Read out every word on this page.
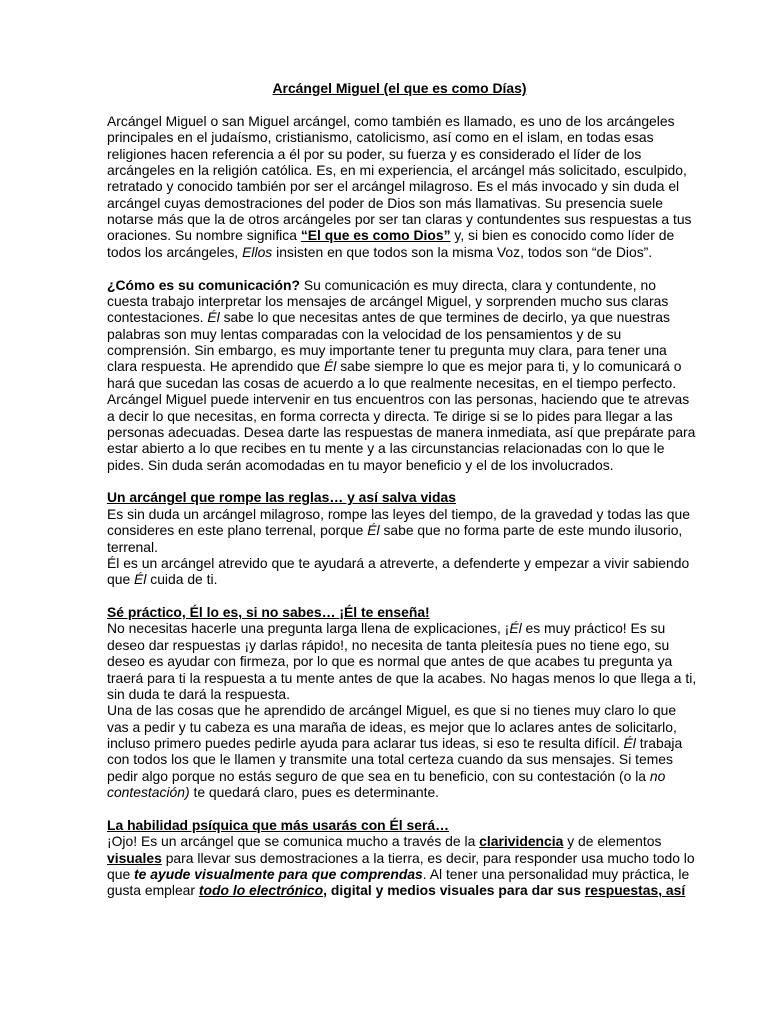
Arcángel Miguel (el que es como Días)
Arcángel Miguel o san Miguel arcángel, como también es llamado, es uno de los arcángeles
principales en el judaísmo, cristianismo, catolicismo, así como en el islam, en todas esas
religiones hacen referencia a él por su poder, su fuerza y es considerado el líder de los
arcángeles en la religión católica. Es, en mi experiencia, el arcángel más solicitado, esculpido,
retratado y conocido también por ser el arcángel milagroso. Es el más invocado y sin duda el
arcángel cuyas demostraciones del poder de Dios son más llamativas. Su presencia suele
notarse más que la de otros arcángeles por ser tan claras y contundentes sus respuestas a tus
oraciones. Su nombre significa “El que es como Dios” y, si bien es conocido como líder de
todos los arcángeles, Ellos insisten en que todos son la misma Voz, todos son “de Dios”.
¿Cómo es su comunicación? Su comunicación es muy directa, clara y contundente, no
cuesta trabajo interpretar los mensajes de arcángel Miguel, y sorprenden mucho sus claras
contestaciones. Él sabe lo que necesitas antes de que termines de decirlo, ya que nuestras
palabras son muy lentas comparadas con la velocidad de los pensamientos y de su
comprensión. Sin embargo, es muy importante tener tu pregunta muy clara, para tener una
clara respuesta. He aprendido que Él sabe siempre lo que es mejor para ti, y lo comunicará o
hará que sucedan las cosas de acuerdo a lo que realmente necesitas, en el tiempo perfecto.
Arcángel Miguel puede intervenir en tus encuentros con las personas, haciendo que te atrevas
a decir lo que necesitas, en forma correcta y directa. Te dirige si se lo pides para llegar a las
personas adecuadas. Desea darte las respuestas de manera inmediata, así que prepárate para
estar abierto a lo que recibes en tu mente y a las circunstancias relacionadas con lo que le
pides. Sin duda serán acomodadas en tu mayor beneficio y el de los involucrados.
Un arcángel que rompe las reglas… y así salva vidas
Es sin duda un arcángel milagroso, rompe las leyes del tiempo, de la gravedad y todas las que
consideres en este plano terrenal, porque Él sabe que no forma parte de este mundo ilusorio,
terrenal.
Él es un arcángel atrevido que te ayudará a atreverte, a defenderte y empezar a vivir sabiendo
que Él cuida de ti.
Sé práctico, Él lo es, si no sabes… ¡Él te enseña!
No necesitas hacerle una pregunta larga llena de explicaciones, ¡Él es muy práctico! Es su
deseo dar respuestas ¡y darlas rápido!, no necesita de tanta pleitesía pues no tiene ego, su
deseo es ayudar con firmeza, por lo que es normal que antes de que acabes tu pregunta ya
traerá para ti la respuesta a tu mente antes de que la acabes. No hagas menos lo que llega a ti,
sin duda te dará la respuesta.
Una de las cosas que he aprendido de arcángel Miguel, es que si no tienes muy claro lo que
vas a pedir y tu cabeza es una maraña de ideas, es mejor que lo aclares antes de solicitarlo,
incluso primero puedes pedirle ayuda para aclarar tus ideas, si eso te resulta difícil. Él trabaja
con todos los que le llamen y transmite una total certeza cuando da sus mensajes. Si temes
pedir algo porque no estás seguro de que sea en tu beneficio, con su contestación (o la no
contestación) te quedará claro, pues es determinante.
La habilidad psíquica que más usarás con Él será…
¡Ojo! Es un arcángel que se comunica mucho a través de la clarividencia y de elementos
visuales para llevar sus demostraciones a la tierra, es decir, para responder usa mucho todo lo
que te ayude visualmente para que comprendas. Al tener una personalidad muy práctica, le
gusta emplear todo lo electrónico, digital y medios visuales para dar sus respuestas, así
